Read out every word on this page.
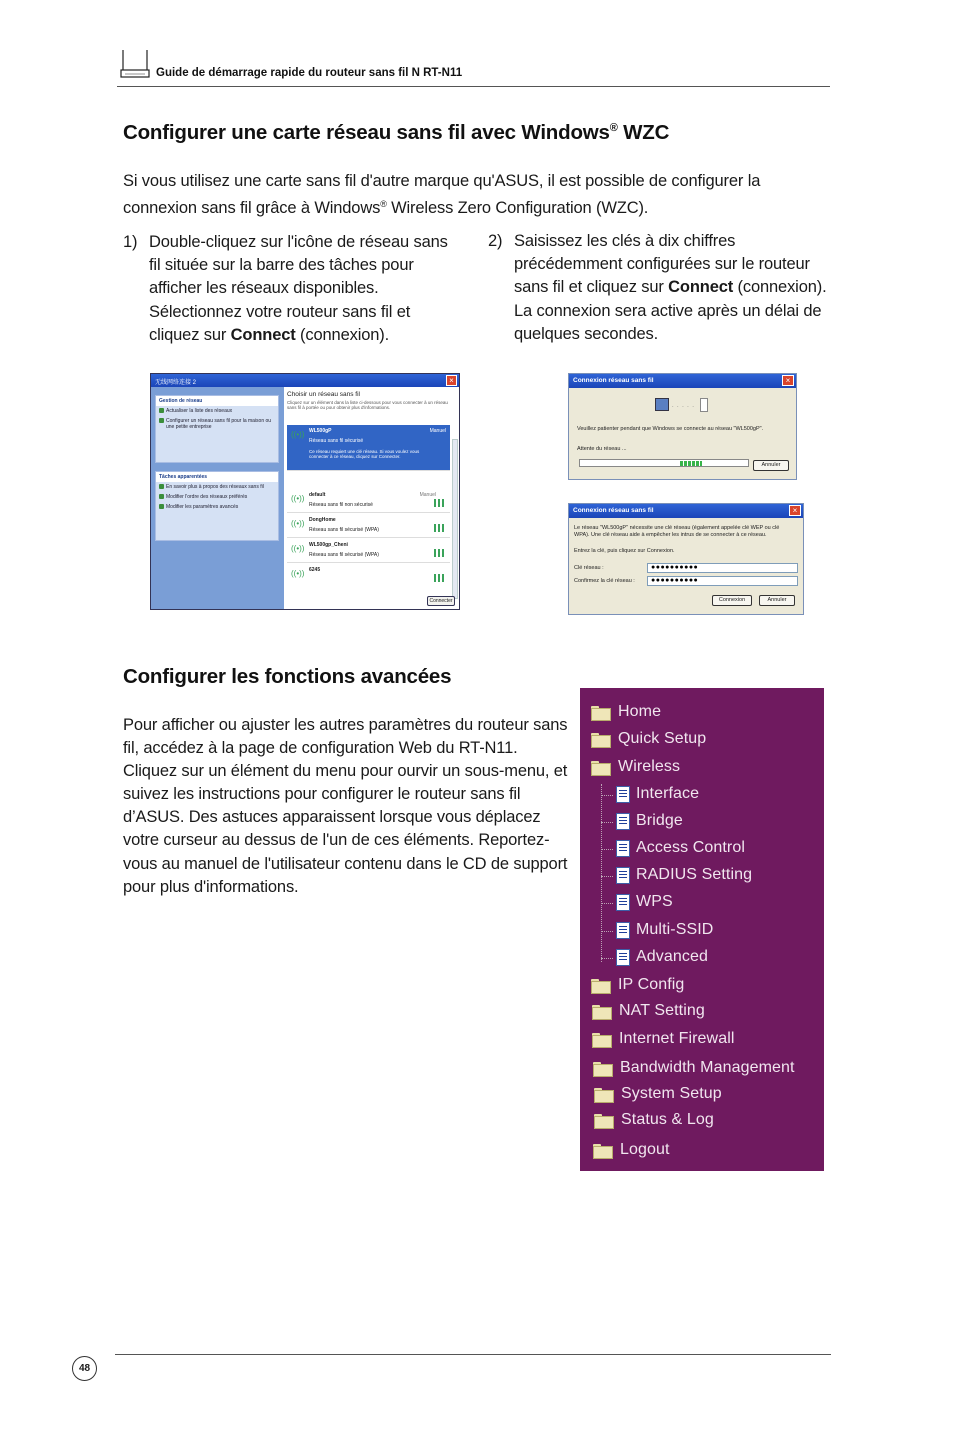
Guide de démarrage rapide du routeur sans fil N RT-N11
Configurer une carte réseau sans fil avec Windows® WZC
Si vous utilisez une carte sans fil d'autre marque qu'ASUS, il est possible de configurer la connexion sans fil grâce à Windows® Wireless Zero Configuration (WZC).
1) Double-cliquez sur l'icône de réseau sans fil située sur la barre des tâches pour afficher les réseaux disponibles. Sélectionnez votre routeur sans fil et cliquez sur Connect (connexion).
2) Saisissez les clés à dix chiffres précédemment configurées sur le routeur sans fil et cliquez sur Connect (connexion). La connexion sera active après un délai de quelques secondes.
无线网络连接 2	×
Gestion de réseau
Actualiser la liste des réseaux
Configurer un réseau sans fil pour la maison ou une petite entreprise
Tâches apparentées
En savoir plus à propos des réseaux sans fil
Modifier l'ordre des réseaux préférés
Modifier les paramètres avancés
Choisir un réseau sans fil
Cliquez sur un élément dans la liste ci-dessous pour vous connecter à un réseau sans fil à portée ou pour obtenir plus d'informations.
((•)) WL500gP
Réseau sans fil sécurisé
Manuel
Ce réseau requiert une clé réseau. Si vous voulez vous connecter à ce réseau, cliquez sur Connecter.
((•)) default
Réseau sans fil non sécurisé
Manuel
((•)) DongHome
Réseau sans fil sécurisé (WPA)
((•)) WL500gp_Cheni
Réseau sans fil sécurisé (WPA)
((•)) 6245
Connecter
Connexion réseau sans fil	×
· · · · ·
Veuillez patienter pendant que Windows se connecte au réseau "WL500gP".
Attente du réseau ...
Annuler
Connexion réseau sans fil	×
Le réseau "WL500gP" nécessite une clé réseau (également appelée clé WEP ou clé WPA). Une clé réseau aide à empêcher les intrus de se connecter à ce réseau.
Entrez la clé, puis cliquez sur Connexion.
Clé réseau :	●●●●●●●●●●
Confirmez la clé réseau :	●●●●●●●●●●
Connexion	Annuler
Configurer les fonctions avancées
Pour afficher ou ajuster les autres paramètres du routeur sans fil, accédez à la page de configuration Web du RT-N11. Cliquez sur un élément du menu pour ourvir un sous-menu, et suivez les instructions pour configurer le routeur sans fil d’ASUS. Des astuces apparaissent lorsque vous déplacez votre curseur au dessus de l'un de ces éléments. Reportez-vous au manuel de l'utilisateur contenu dans le CD de support pour plus d'informations.
Home
Quick Setup
Wireless
Interface
Bridge
Access Control
RADIUS Setting
WPS
Multi-SSID
Advanced
IP Config
NAT Setting
Internet Firewall
Bandwidth Management
System Setup
Status & Log
Logout
48
